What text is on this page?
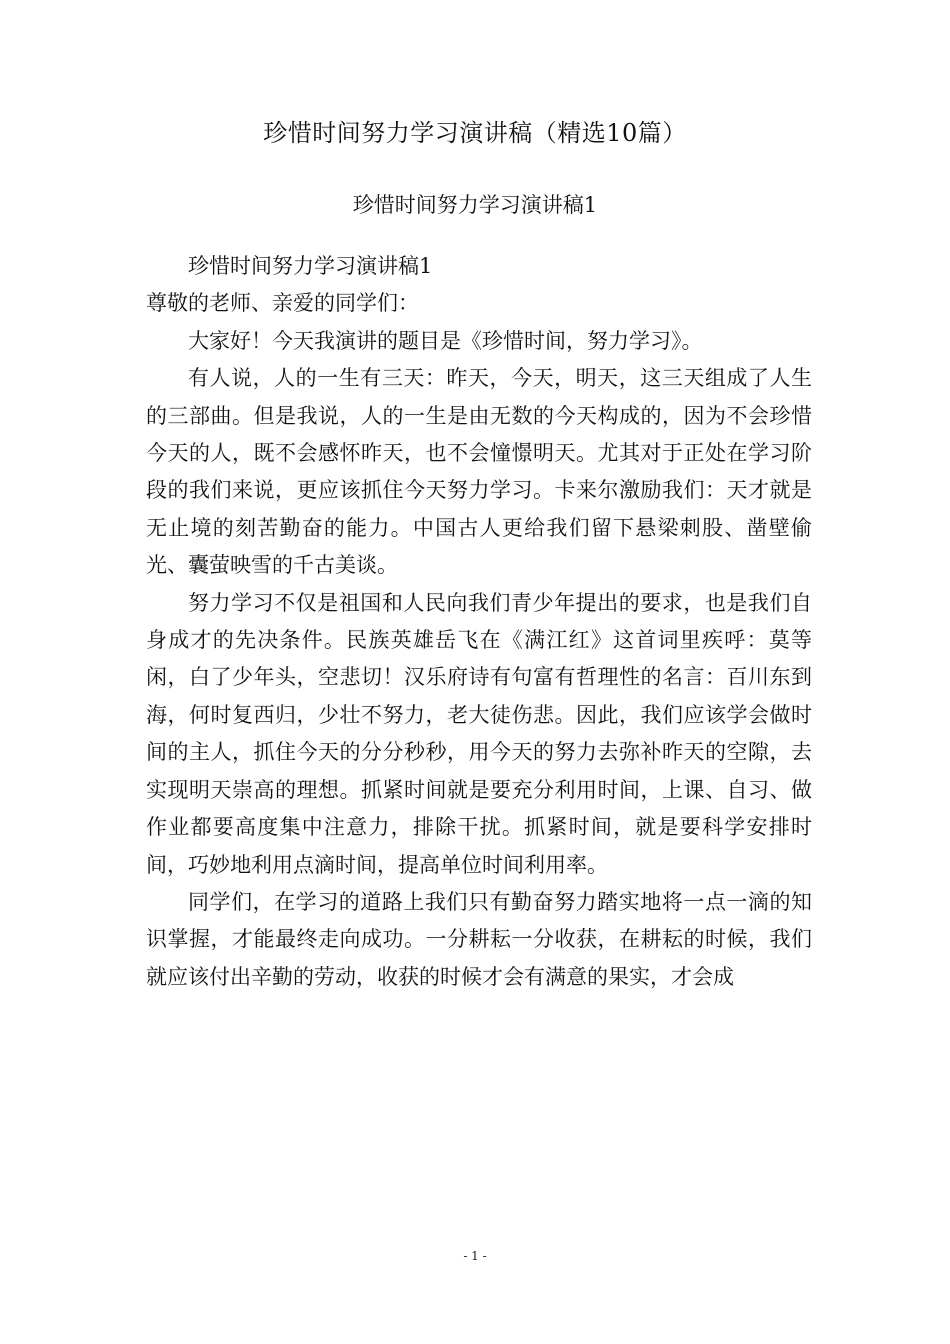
珍惜时间努力学习演讲稿（精选10篇）
珍惜时间努力学习演讲稿1

珍惜时间努力学习演讲稿1

尊敬的老师、亲爱的同学们：

大家好！今天我演讲的题目是《珍惜时间，努力学习》。

有人说，人的一生有三天：昨天，今天，明天，这三天组成了人生的三部曲。但是我说，人的一生是由无数的今天构成的，因为不会珍惜今天的人，既不会感怀昨天，也不会憧憬明天。尤其对于正处在学习阶段的我们来说，更应该抓住今天努力学习。卡来尔激励我们：天才就是无止境的刻苦勤奋的能力。中国古人更给我们留下悬梁刺股、凿壁偷光、囊萤映雪的千古美谈。

努力学习不仅是祖国和人民向我们青少年提出的要求，也是我们自身成才的先决条件。民族英雄岳飞在《满江红》这首词里疾呼：莫等闲，白了少年头，空悲切！汉乐府诗有句富有哲理性的名言：百川东到海，何时复西归，少壮不努力，老大徒伤悲。因此，我们应该学会做时间的主人，抓住今天的分分秒秒，用今天的努力去弥补昨天的空隙，去实现明天崇高的理想。抓紧时间就是要充分利用时间，上课、自习、做作业都要高度集中注意力，排除干扰。抓紧时间，就是要科学安排时间，巧妙地利用点滴时间，提高单位时间利用率。

同学们，在学习的道路上我们只有勤奋努力踏实地将一点一滴的知识掌握，才能最终走向成功。一分耕耘一分收获，在耕耘的时候，我们就应该付出辛勤的劳动，收获的时候才会有满意的果实，才会成

- 1 -
